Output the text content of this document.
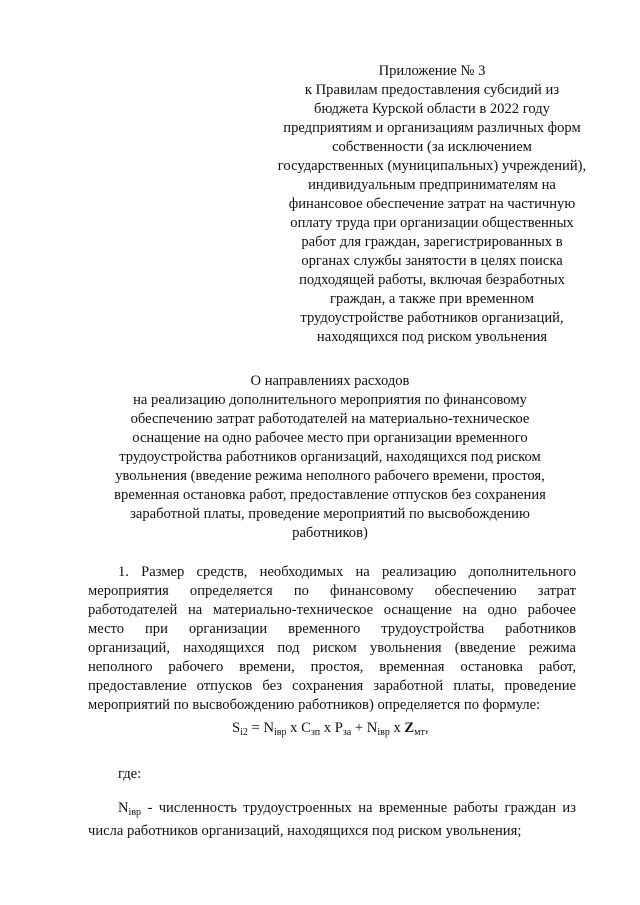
Приложение № 3
к Правилам предоставления субсидий из
бюджета Курской области в 2022 году
предприятиям и организациям различных форм
собственности (за исключением
государственных (муниципальных) учреждений),
индивидуальным предпринимателям на
финансовое обеспечение затрат на частичную
оплату труда при организации общественных
работ для граждан, зарегистрированных в
органах службы занятости в целях поиска
подходящей работы, включая безработных
граждан, а также при временном
трудоустройстве работников организаций,
находящихся под риском увольнения
О направлениях расходов
на реализацию дополнительного мероприятия по финансовому
обеспечению затрат работодателей на материально-техническое
оснащение на одно рабочее место при организации временного
трудоустройства работников организаций, находящихся под риском
увольнения (введение режима неполного рабочего времени, простоя,
временная остановка работ, предоставление отпусков без сохранения
заработной платы, проведение мероприятий по высвобождению
работников)
1. Размер средств, необходимых на реализацию дополнительного
мероприятия определяется по финансовому обеспечению затрат
работодателей на материально-техническое оснащение на одно рабочее
место при организации временного трудоустройства работников
организаций, находящихся под риском увольнения (введение режима
неполного рабочего времени, простоя, временная остановка работ,
предоставление отпусков без сохранения заработной платы, проведение
мероприятий по высвобождению работников) определяется по формуле:
$S_{i2} = N_{iвр}$ x $C_{зп}$ x $P_{за} + N_{iвр}$ x $Z_{мт}$,
где:
$N_{iвр}$ - численность трудоустроенных на временные работы граждан из
числа работников организаций, находящихся под риском увольнения;
